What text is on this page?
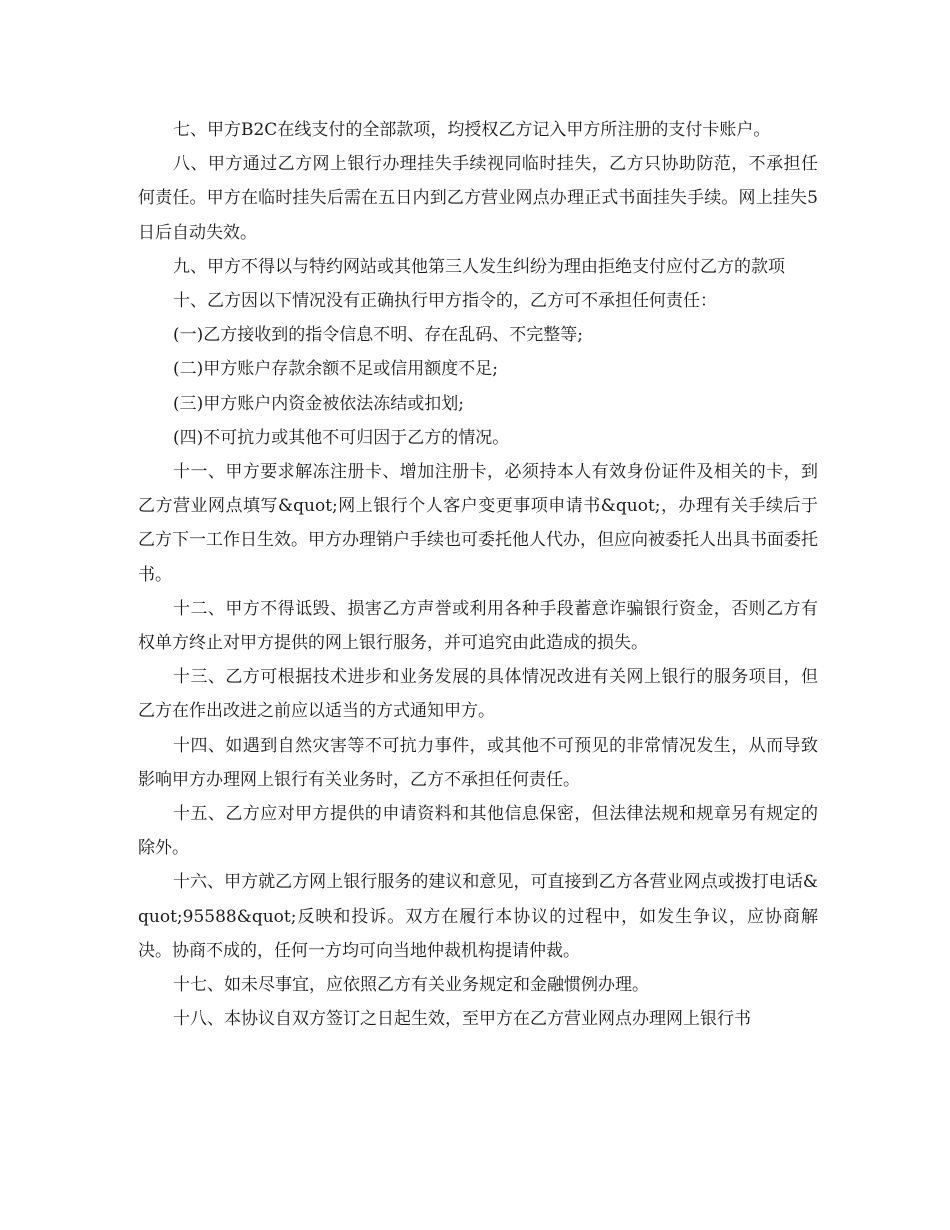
七、甲方B2C在线支付的全部款项，均授权乙方记入甲方所注册的支付卡账户。

八、甲方通过乙方网上银行办理挂失手续视同临时挂失，乙方只协助防范，不承担任何责任。甲方在临时挂失后需在五日内到乙方营业网点办理正式书面挂失手续。网上挂失5日后自动失效。

九、甲方不得以与特约网站或其他第三人发生纠纷为理由拒绝支付应付乙方的款项

十、乙方因以下情况没有正确执行甲方指令的，乙方可不承担任何责任：

(一)乙方接收到的指令信息不明、存在乱码、不完整等;

(二)甲方账户存款余额不足或信用额度不足;

(三)甲方账户内资金被依法冻结或扣划;

(四)不可抗力或其他不可归因于乙方的情况。

十一、甲方要求解冻注册卡、增加注册卡，必须持本人有效身份证件及相关的卡，到乙方营业网点填写&quot;网上银行个人客户变更事项申请书&quot;，办理有关手续后于乙方下一工作日生效。甲方办理销户手续也可委托他人代办，但应向被委托人出具书面委托书。

十二、甲方不得诋毁、损害乙方声誉或利用各种手段蓄意诈骗银行资金，否则乙方有权单方终止对甲方提供的网上银行服务，并可追究由此造成的损失。

十三、乙方可根据技术进步和业务发展的具体情况改进有关网上银行的服务项目，但乙方在作出改进之前应以适当的方式通知甲方。

十四、如遇到自然灾害等不可抗力事件，或其他不可预见的非常情况发生，从而导致影响甲方办理网上银行有关业务时，乙方不承担任何责任。

十五、乙方应对甲方提供的申请资料和其他信息保密，但法律法规和规章另有规定的除外。

十六、甲方就乙方网上银行服务的建议和意见，可直接到乙方各营业网点或拨打电话&quot;95588&quot;反映和投诉。双方在履行本协议的过程中，如发生争议，应协商解决。协商不成的，任何一方均可向当地仲裁机构提请仲裁。

十七、如未尽事宜，应依照乙方有关业务规定和金融惯例办理。

十八、本协议自双方签订之日起生效，至甲方在乙方营业网点办理网上银行书
